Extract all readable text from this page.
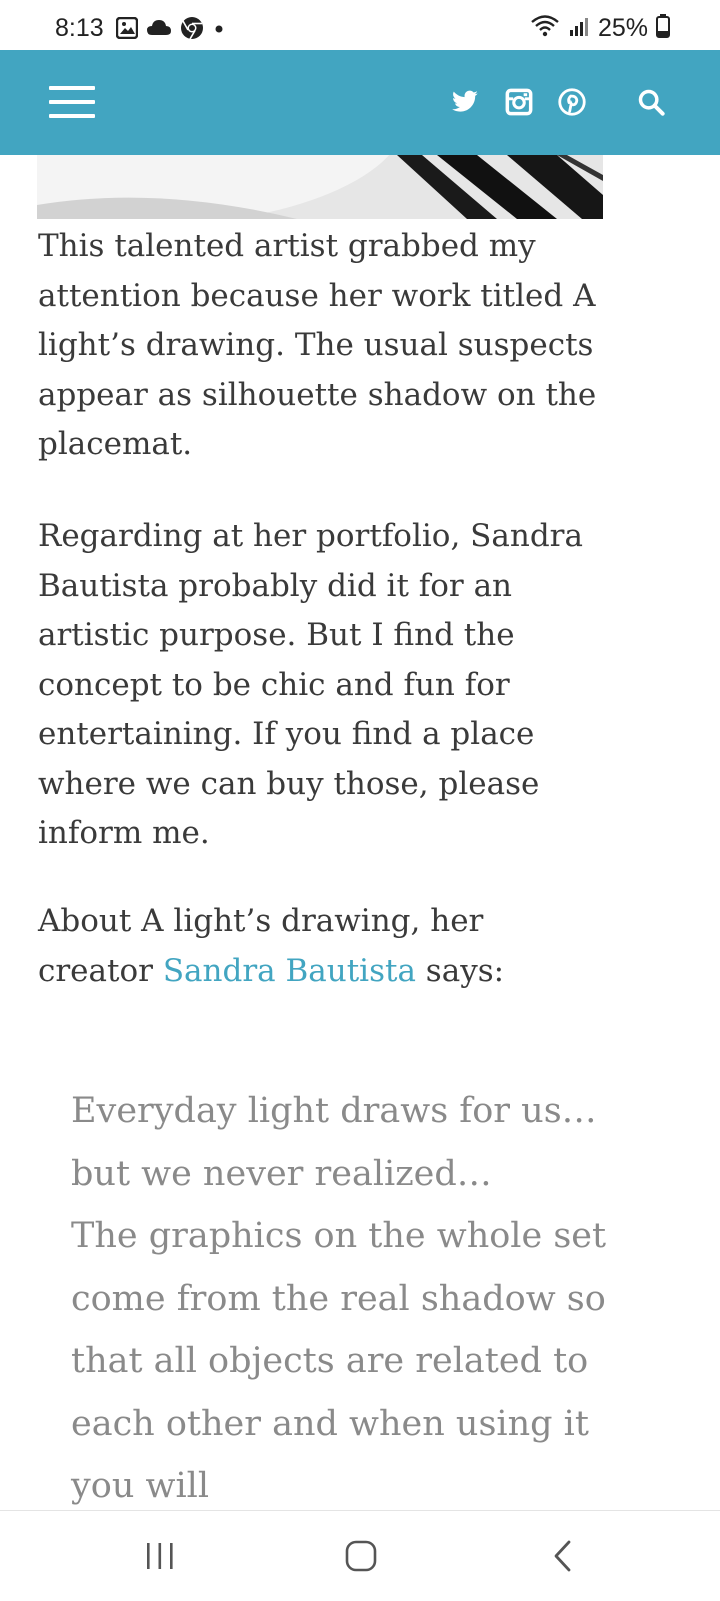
8:13	25%

This talented artist grabbed my attention because her work titled A light’s drawing. The usual suspects appear as silhouette shadow on the placemat.

Regarding at her portfolio, Sandra Bautista probably did it for an artistic purpose. But I find the concept to be chic and fun for entertaining. If you find a place where we can buy those, please inform me.

About A light’s drawing, her creator Sandra Bautista says:

Everyday light draws for us…

but we never realized…

The graphics on the whole set come from the real shadow so that all objects are related to each other and when using it you will
